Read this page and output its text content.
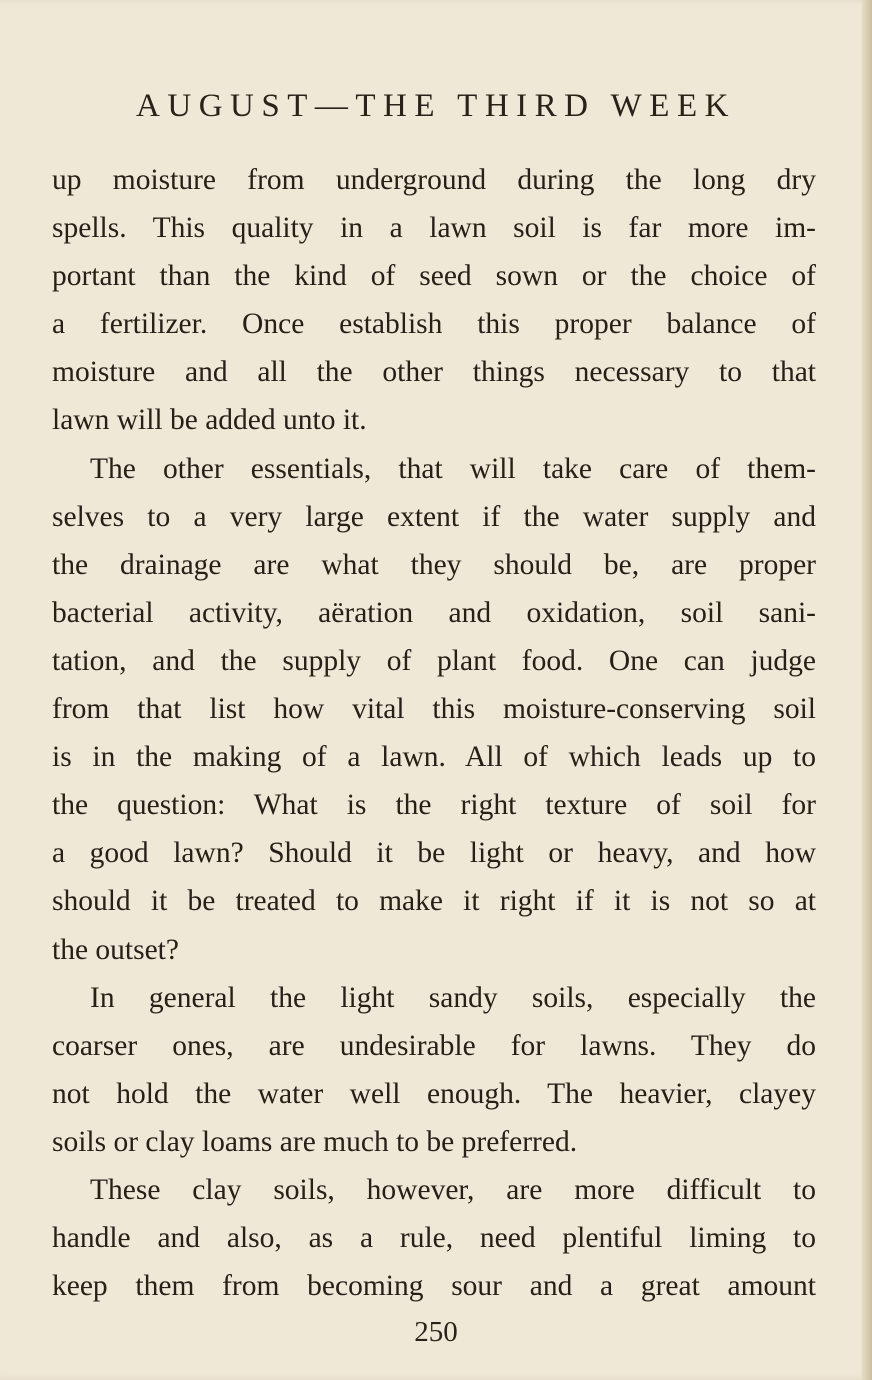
AUGUST—THE THIRD WEEK
up moisture from underground during the long dry
spells. This quality in a lawn soil is far more im-
portant than the kind of seed sown or the choice of
a fertilizer. Once establish this proper balance of
moisture and all the other things necessary to that
lawn will be added unto it.
The other essentials, that will take care of them-
selves to a very large extent if the water supply and
the drainage are what they should be, are proper
bacterial activity, aëration and oxidation, soil sani-
tation, and the supply of plant food. One can judge
from that list how vital this moisture-conserving soil
is in the making of a lawn. All of which leads up to
the question: What is the right texture of soil for
a good lawn? Should it be light or heavy, and how
should it be treated to make it right if it is not so at
the outset?
In general the light sandy soils, especially the
coarser ones, are undesirable for lawns. They do
not hold the water well enough. The heavier, clayey
soils or clay loams are much to be preferred.
These clay soils, however, are more difficult to
handle and also, as a rule, need plentiful liming to
keep them from becoming sour and a great amount
250
